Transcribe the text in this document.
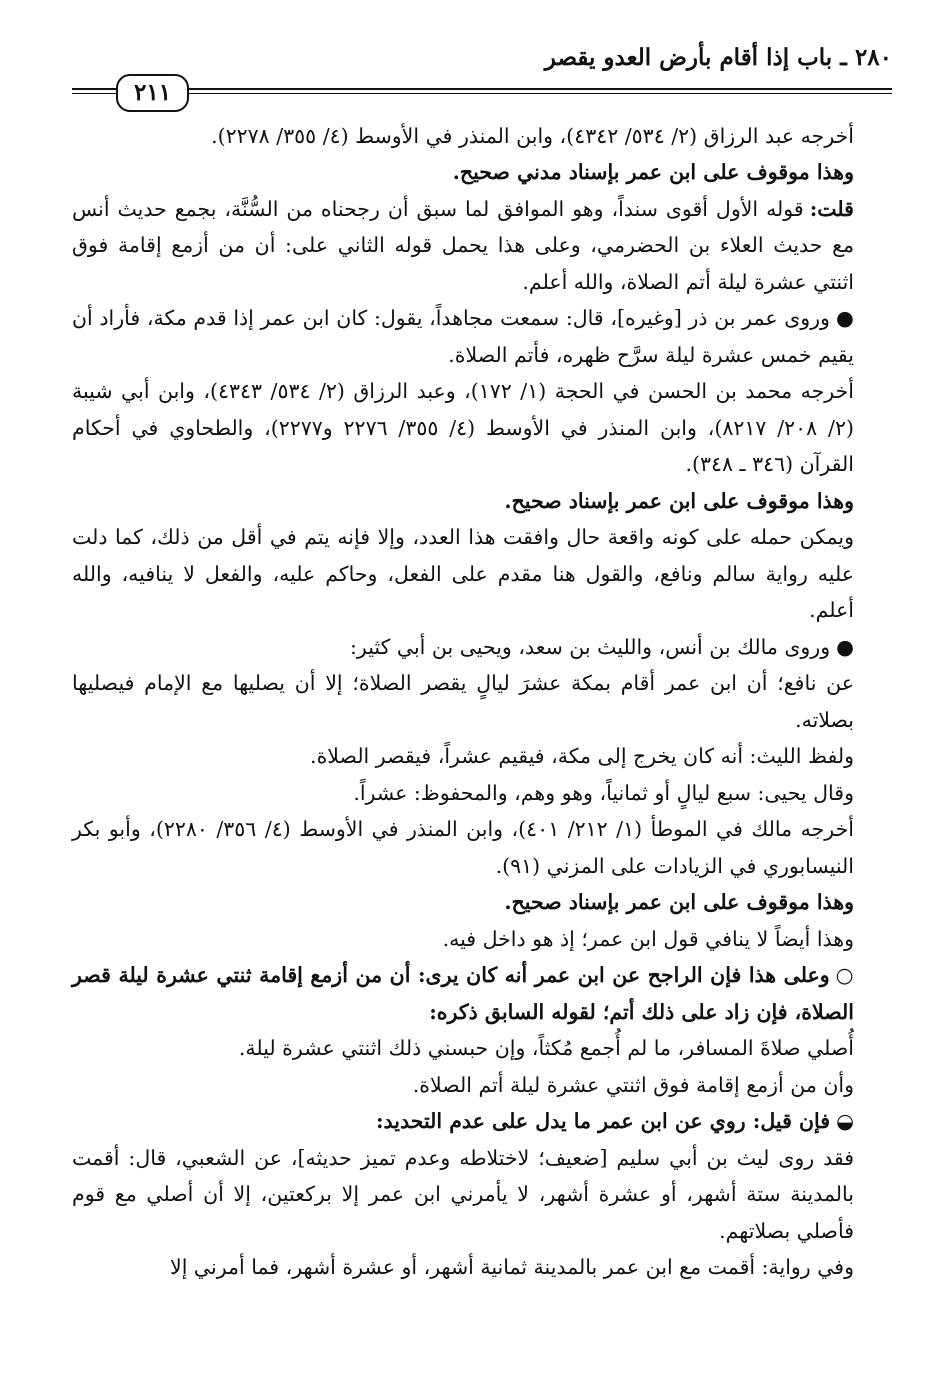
٢٨٠ ـ باب إذا أقام بأرض العدو يقصر
٢١١

أخرجه عبد الرزاق (٢/ ٥٣٤/ ٤٣٤٢)، وابن المنذر في الأوسط (٤/ ٣٥٥/ ٢٢٧٨).

وهذا موقوف على ابن عمر بإسناد مدني صحيح.

قلت:قوله الأول أقوى سنداً، وهو الموافق لما سبق أن رجحناه من السُّنَّة، بجمع حديث أنس مع حديث العلاء بن الحضرمي، وعلى هذا يحمل قوله الثاني على: أن من أزمع إقامة فوق اثنتي عشرة ليلة أتم الصلاة، والله أعلم.

●وروى عمر بن ذر [وغيره]، قال: سمعت مجاهداً، يقول: كان ابن عمر إذا قدم مكة، فأراد أن يقيم خمس عشرة ليلة سرَّح ظهره، فأتم الصلاة.

أخرجه محمد بن الحسن في الحجة (١/ ١٧٢)، وعبد الرزاق (٢/ ٥٣٤/ ٤٣٤٣)، وابن أبي شيبة (٢/ ٢٠٨/ ٨٢١٧)، وابن المنذر في الأوسط (٤/ ٣٥٥/ ٢٢٧٦ و٢٢٧٧)، والطحاوي في أحكام القرآن (٣٤٦ ـ ٣٤٨).

وهذا موقوف على ابن عمر بإسناد صحيح.

ويمكن حمله على كونه واقعة حال وافقت هذا العدد، وإلا فإنه يتم في أقل من ذلك، كما دلت عليه رواية سالم ونافع، والقول هنا مقدم على الفعل، وحاكم عليه، والفعل لا ينافيه، والله أعلم.

●وروى مالك بن أنس، والليث بن سعد، ويحيى بن أبي كثير:

عن نافع؛ أن ابن عمر أقام بمكة عشرَ ليالٍ يقصر الصلاة؛ إلا أن يصليها مع الإمام فيصليها بصلاته.

ولفظ الليث: أنه كان يخرج إلى مكة، فيقيم عشراً، فيقصر الصلاة.

وقال يحيى: سبع ليالٍ أو ثمانياً، وهو وهم، والمحفوظ: عشراً.

أخرجه مالك في الموطأ (١/ ٢١٢/ ٤٠١)، وابن المنذر في الأوسط (٤/ ٣٥٦/ ٢٢٨٠)، وأبو بكر النيسابوري في الزيادات على المزني (٩١).

وهذا موقوف على ابن عمر بإسناد صحيح.

وهذا أيضاً لا ينافي قول ابن عمر؛ إذ هو داخل فيه.

○وعلى هذا فإن الراجح عن ابن عمر أنه كان يرى: أن من أزمع إقامة ثنتي عشرة ليلة قصر الصلاة، فإن زاد على ذلك أتم؛ لقوله السابق ذكره:

أُصلي صلاةَ المسافر، ما لم أُجمع مُكثاً، وإن حبسني ذلك اثنتي عشرة ليلة.

وأن من أزمع إقامة فوق اثنتي عشرة ليلة أتم الصلاة.

◒فإن قيل: روي عن ابن عمر ما يدل على عدم التحديد:

فقد روى ليث بن أبي سليم [ضعيف؛ لاختلاطه وعدم تميز حديثه]، عن الشعبي، قال: أقمت بالمدينة ستة أشهر، أو عشرة أشهر، لا يأمرني ابن عمر إلا بركعتين، إلا أن أصلي مع قوم فأصلي بصلاتهم.

وفي رواية: أقمت مع ابن عمر بالمدينة ثمانية أشهر، أو عشرة أشهر، فما أمرني إلا
